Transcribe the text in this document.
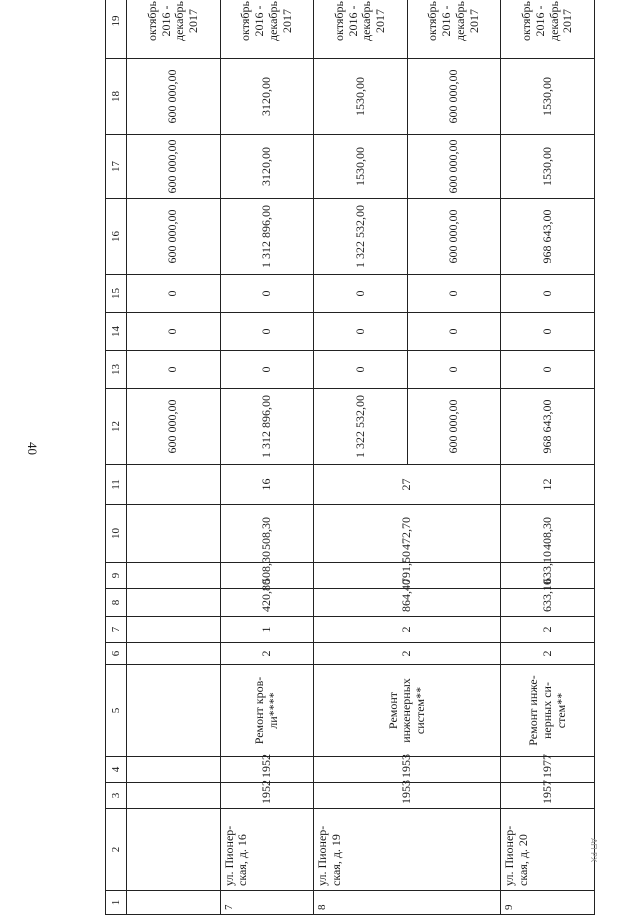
40
1	2	3	4	5	6	7	8	9	10	11	12	13	14	15	16	17	18	19
											600 000,00	0	0	0	600 000,00	600 000,00	600 000,00	октябрь 2016 - декабрь 2017
7	ул. Пионер-ская, д. 16	1952	1952	Ремонт кров-ли****	2	1	420,80	508,30	508,30	16	1 312 896,00	0	0	0	1 312 896,00	3120,00	3120,00	октябрь 2016 - декабрь 2017
8	ул. Пионер-ская, д. 19	1953	1953	Ремонт инженерных систем**	2	2	864,40	791,50	472,70	27	1 322 532,00	0	0	0	1 322 532,00	1530,00	1530,00	октябрь 2016 - декабрь 2017
											600 000,00	0	0	0	600 000,00	600 000,00	600 000,00	октябрь 2016 - декабрь 2017
9	ул. Пионер-ская, д. 20	1957	1977	Ремонт инже-нерных си-стем**	2	2	633,10	633,10	408,30	12	968 643,00	0	0	0	968 643,00	1530,00	1530,00	октябрь 2016 - декабрь 2017
АП РХ
